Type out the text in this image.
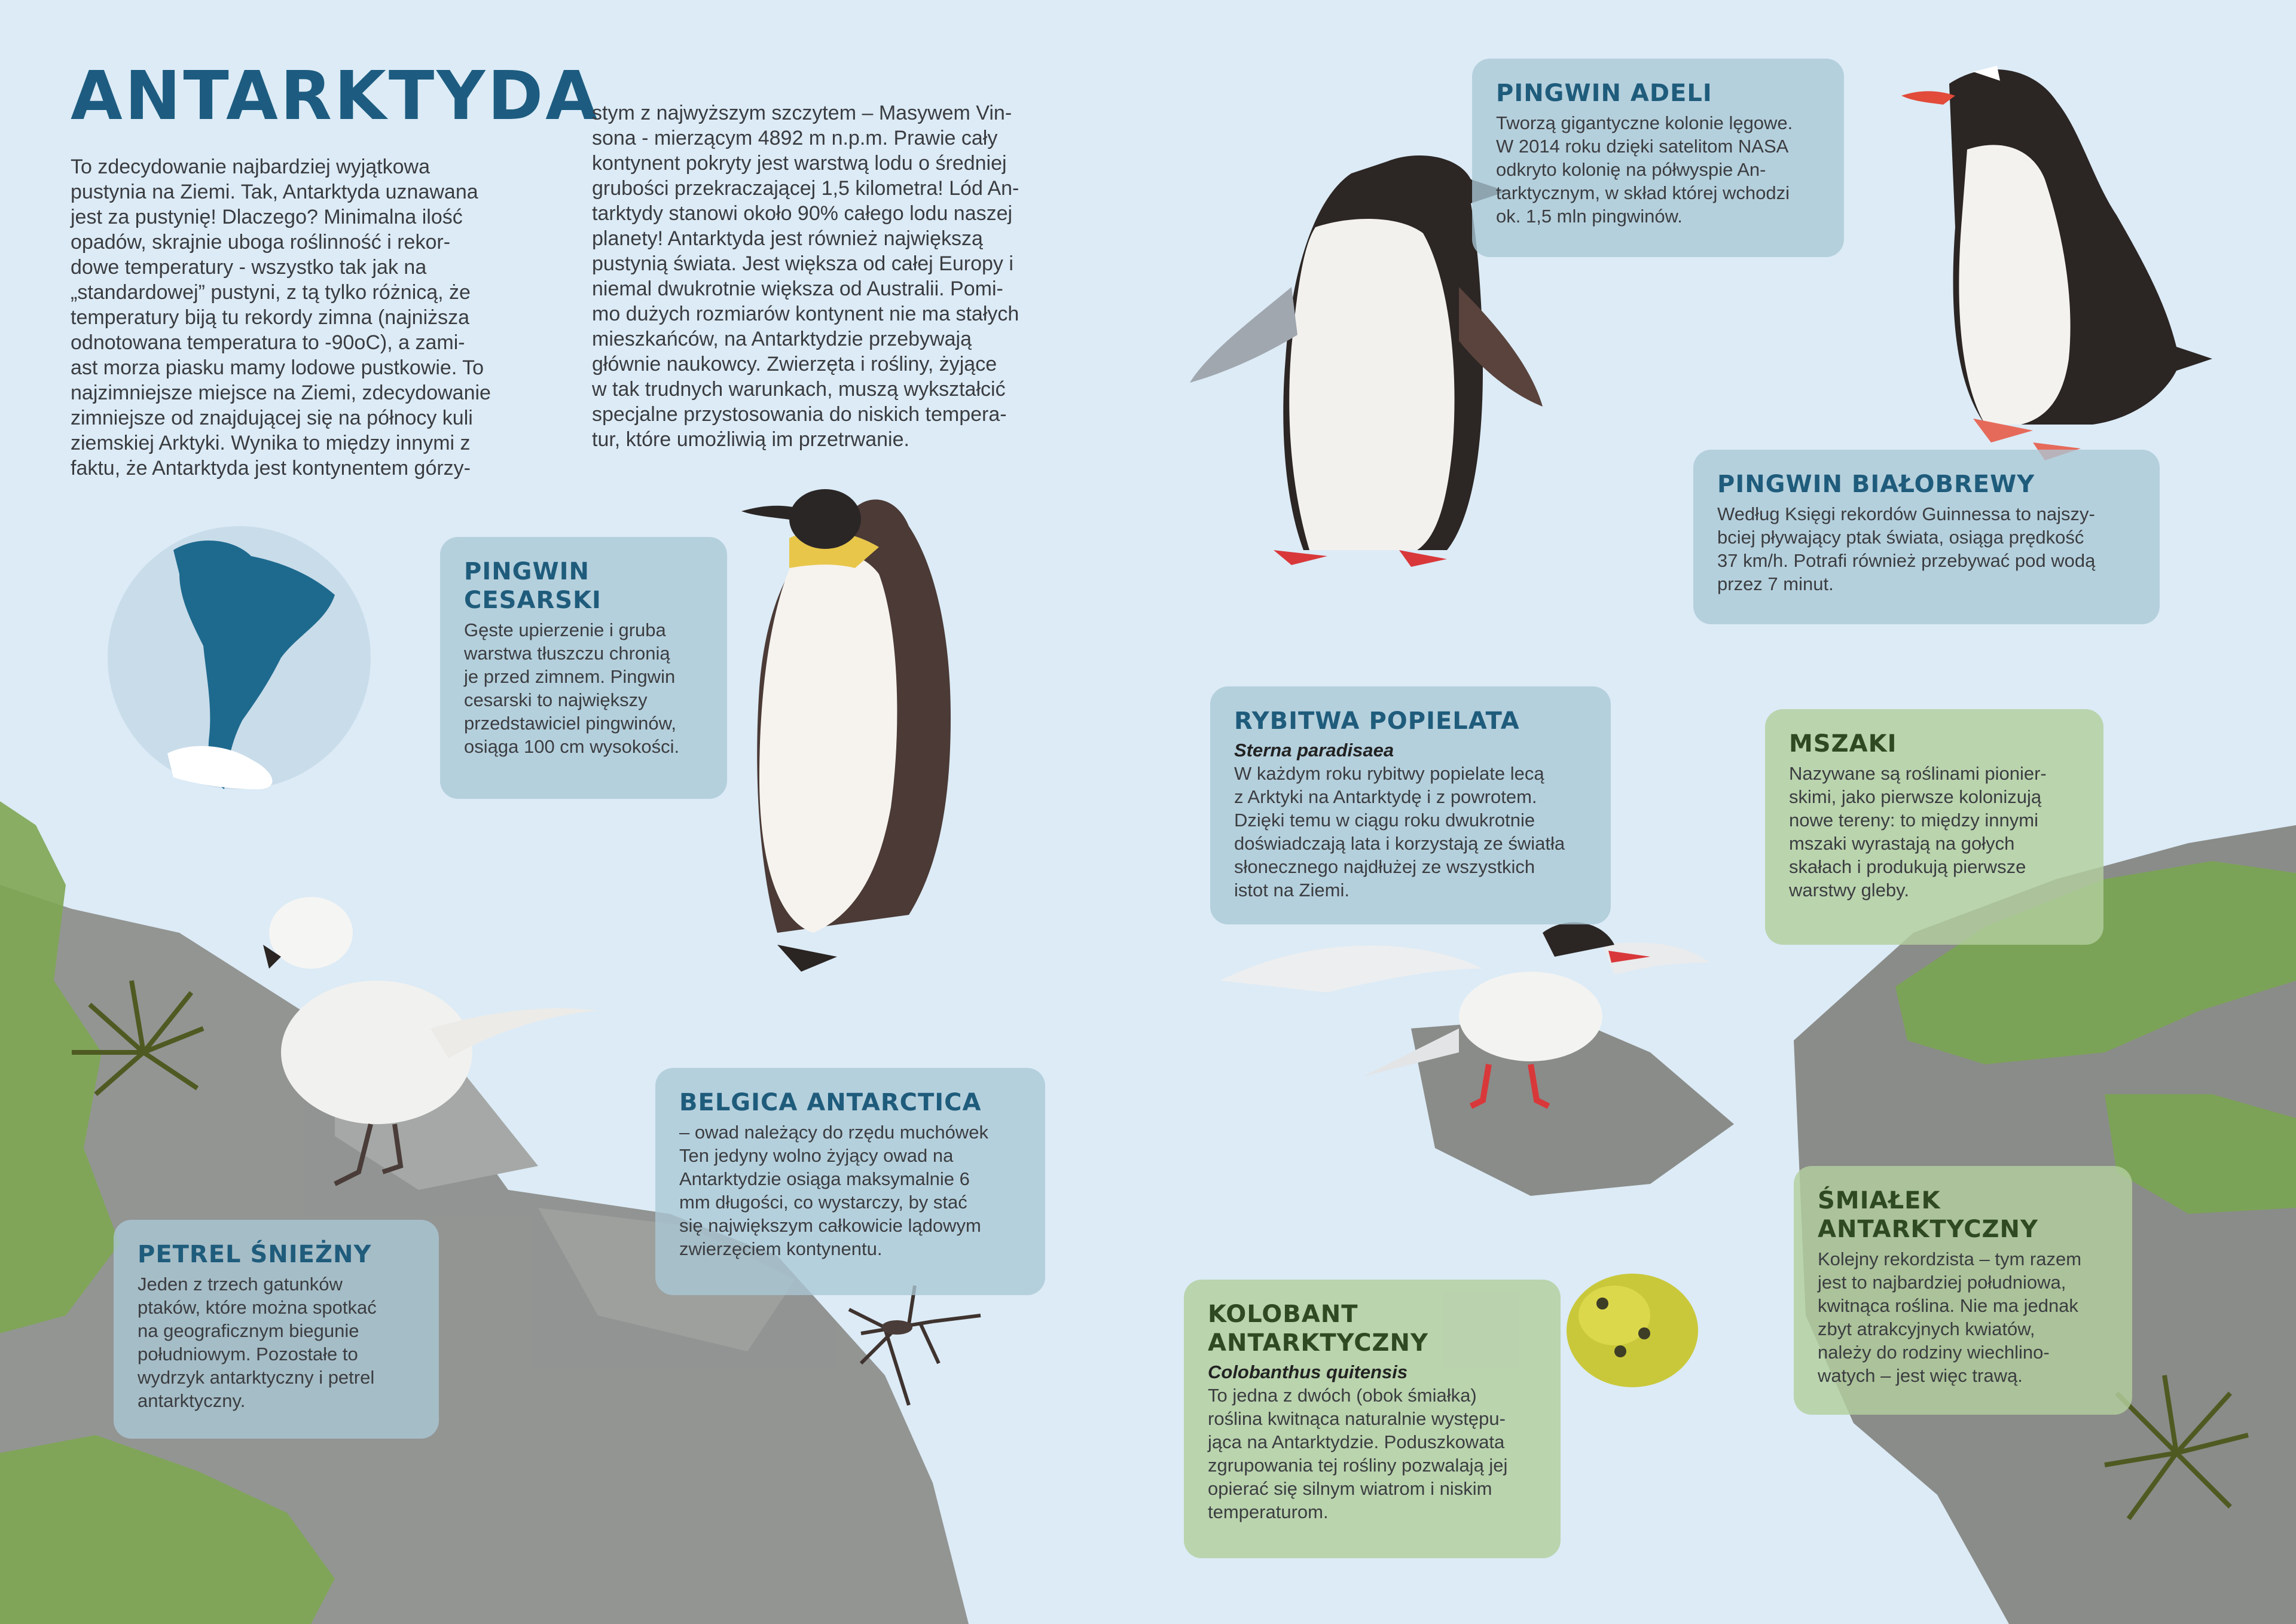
ANTARKTYDA
To zdecydowanie najbardziej wyjątkowa
pustynia na Ziemi. Tak, Antarktyda uznawana
jest za pustynię! Dlaczego? Minimalna ilość
opadów, skrajnie uboga roślinność i rekor-
dowe temperatury - wszystko tak jak na
„standardowej” pustyni, z tą tylko różnicą, że
temperatury biją tu rekordy zimna (najniższa
odnotowana temperatura to -90oC), a zami-
ast morza piasku mamy lodowe pustkowie. To
najzimniejsze miejsce na Ziemi, zdecydowanie
zimniejsze od znajdującej się na północy kuli
ziemskiej Arktyki. Wynika to między innymi z
faktu, że Antarktyda jest kontynentem górzy-
stym z najwyższym szczytem – Masywem Vin-
sona - mierzącym 4892 m n.p.m. Prawie cały
kontynent pokryty jest warstwą lodu o średniej
grubości przekraczającej 1,5 kilometra! Lód An-
tarktydy stanowi około 90% całego lodu naszej
planety! Antarktyda jest również największą
pustynią świata. Jest większa od całej Europy i
niemal dwukrotnie większa od Australii. Pomi-
mo dużych rozmiarów kontynent nie ma stałych
mieszkańców, na Antarktydzie przebywają
głównie naukowcy. Zwierzęta i rośliny, żyjące
w tak trudnych warunkach, muszą wykształcić
specjalne przystosowania do niskich tempera-
tur, które umożliwią im przetrwanie.
PINGWIN ADELI

Tworzą gigantyczne kolonie lęgowe.
W 2014 roku dzięki satelitom NASA
odkryto kolonię na półwyspie An-
tarktycznym, w skład której wchodzi
ok. 1,5 mln pingwinów.

PINGWIN BIAŁOBREWY

Według Księgi rekordów Guinnessa to najszy-
bciej pływający ptak świata, osiąga prędkość
37 km/h. Potrafi również przebywać pod wodą
przez 7 minut.

PINGWIN
CESARSKI

Gęste upierzenie i gruba
warstwa tłuszczu chronią
je przed zimnem. Pingwin
cesarski to największy
przedstawiciel pingwinów,
osiąga 100 cm wysokości.

RYBITWA POPIELATA

Sterna paradisaea

W każdym roku rybitwy popielate lecą
z Arktyki na Antarktydę i z powrotem.
Dzięki temu w ciągu roku dwukrotnie
doświadczają lata i korzystają ze światła
słonecznego najdłużej ze wszystkich
istot na Ziemi.

MSZAKI

Nazywane są roślinami pionier-
skimi, jako pierwsze kolonizują
nowe tereny: to między innymi
mszaki wyrastają na gołych
skałach i produkują pierwsze
warstwy gleby.

BELGICA ANTARCTICA

– owad należący do rzędu muchówek
Ten jedyny wolno żyjący owad na
Antarktydzie osiąga maksymalnie 6
mm długości, co wystarczy, by stać
się największym całkowicie lądowym
zwierzęciem kontynentu.

PETREL ŚNIEŻNY

Jeden z trzech gatunków
ptaków, które można spotkać
na geograficznym biegunie
południowym. Pozostałe to
wydrzyk antarktyczny i petrel
antarktyczny.

ŚMIAŁEK
ANTARKTYCZNY

Kolejny rekordzista – tym razem
jest to najbardziej południowa,
kwitnąca roślina. Nie ma jednak
zbyt atrakcyjnych kwiatów,
należy do rodziny wiechlino-
watych – jest więc trawą.

KOLOBANT
ANTARKTYCZNY

Colobanthus quitensis

To jedna z dwóch (obok śmiałka)
roślina kwitnąca naturalnie występu-
jąca na Antarktydzie. Poduszkowata
zgrupowania tej rośliny pozwalają jej
opierać się silnym wiatrom i niskim
temperaturom.
